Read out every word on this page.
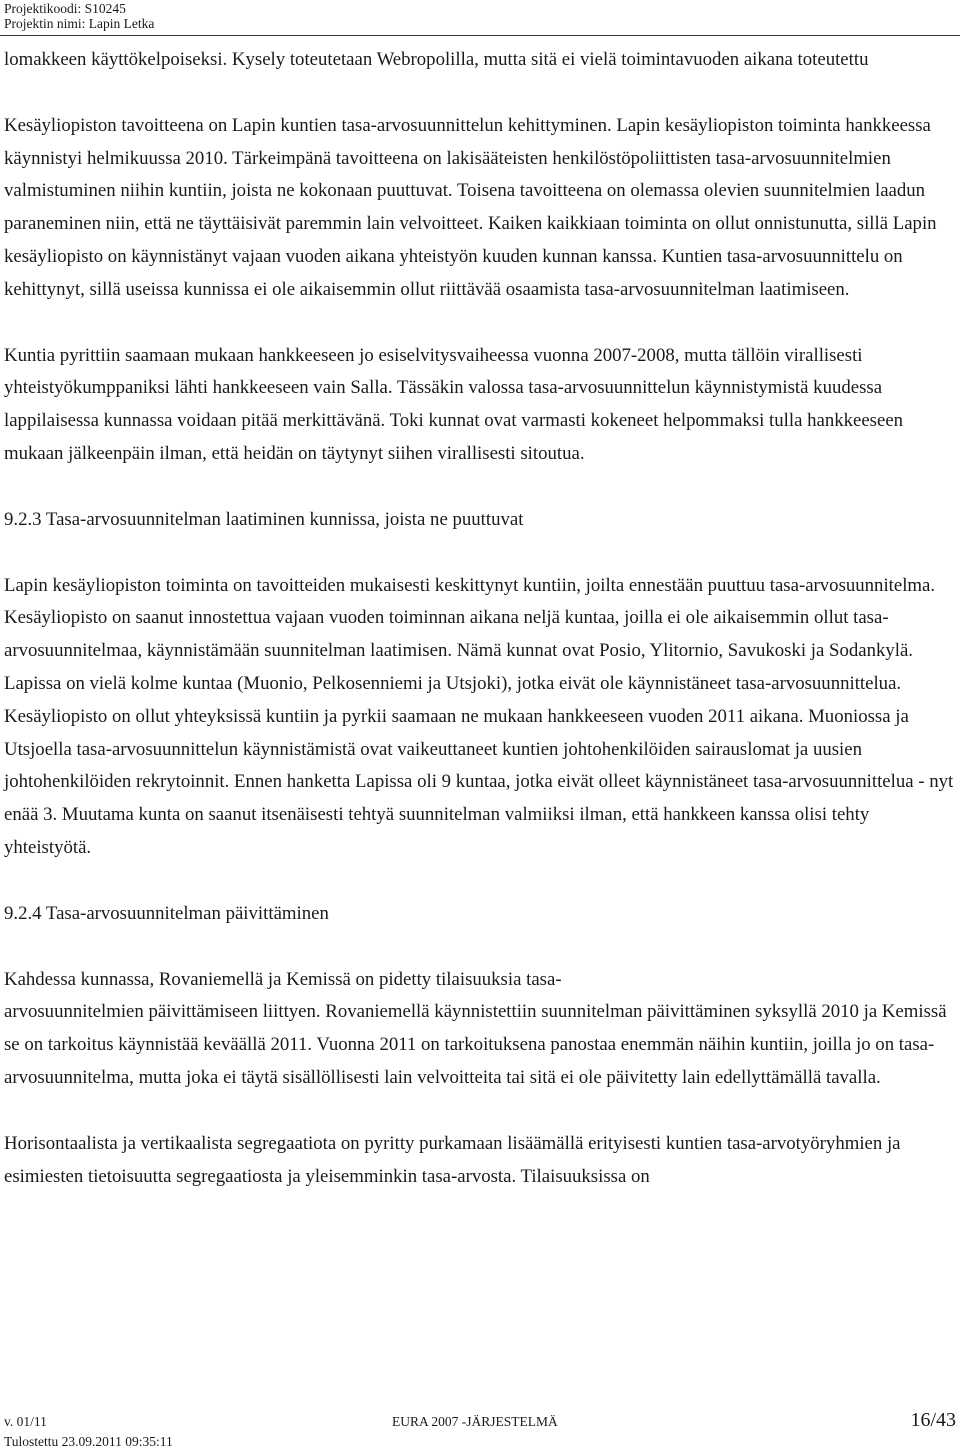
Projektikoodi: S10245
Projektin nimi: Lapin Letka

lomakkeen käyttökelpoiseksi. Kysely toteutetaan Webropolilla, mutta sitä ei vielä toimintavuoden aikana toteutettu

Kesäyliopiston tavoitteena on Lapin kuntien tasa-arvosuunnittelun kehittyminen. Lapin kesäyliopiston toiminta hankkeessa käynnistyi helmikuussa 2010. Tärkeimpänä tavoitteena on lakisääteisten henkilöstöpoliittisten tasa-arvosuunnitelmien valmistuminen niihin kuntiin, joista ne kokonaan puuttuvat. Toisena tavoitteena on olemassa olevien suunnitelmien laadun paraneminen niin, että ne täyttäisivät paremmin lain velvoitteet. Kaiken kaikkiaan toiminta on ollut onnistunutta, sillä Lapin kesäyliopisto on käynnistänyt vajaan vuoden aikana yhteistyön kuuden kunnan kanssa. Kuntien tasa-arvosuunnittelu on kehittynyt, sillä useissa kunnissa ei ole aikaisemmin ollut riittävää osaamista tasa-arvosuunnitelman laatimiseen.

Kuntia pyrittiin saamaan mukaan hankkeeseen jo esiselvitysvaiheessa vuonna 2007-2008, mutta tällöin virallisesti yhteistyökumppaniksi lähti hankkeeseen vain Salla. Tässäkin valossa tasa-arvosuunnittelun käynnistymistä kuudessa lappilaisessa kunnassa voidaan pitää merkittävänä. Toki kunnat ovat varmasti kokeneet helpommaksi tulla hankkeeseen mukaan jälkeenpäin ilman, että heidän on täytynyt siihen virallisesti sitoutua.

9.2.3 Tasa-arvosuunnitelman laatiminen kunnissa, joista ne puuttuvat

Lapin kesäyliopiston toiminta on tavoitteiden mukaisesti keskittynyt kuntiin, joilta ennestään puuttuu tasa-arvosuunnitelma. Kesäyliopisto on saanut innostettua vajaan vuoden toiminnan aikana neljä kuntaa, joilla ei ole aikaisemmin ollut tasa-arvosuunnitelmaa, käynnistämään suunnitelman laatimisen. Nämä kunnat ovat Posio, Ylitornio, Savukoski ja Sodankylä. Lapissa on vielä kolme kuntaa (Muonio, Pelkosenniemi ja Utsjoki), jotka eivät ole käynnistäneet tasa-arvosuunnittelua. Kesäyliopisto on ollut yhteyksissä kuntiin ja pyrkii saamaan ne mukaan hankkeeseen vuoden 2011 aikana. Muoniossa ja Utsjoella tasa-arvosuunnittelun käynnistämistä ovat vaikeuttaneet kuntien johtohenkilöiden sairauslomat ja uusien johtohenkilöiden rekrytoinnit. Ennen hanketta Lapissa oli 9 kuntaa, jotka eivät olleet käynnistäneet tasa-arvosuunnittelua - nyt enää 3. Muutama kunta on saanut itsenäisesti tehtyä suunnitelman valmiiksi ilman, että hankkeen kanssa olisi tehty yhteistyötä.

9.2.4 Tasa-arvosuunnitelman päivittäminen

Kahdessa kunnassa, Rovaniemellä ja Kemissä on pidetty tilaisuuksia tasa-
arvosuunnitelmien päivittämiseen liittyen. Rovaniemellä käynnistettiin suunnitelman päivittäminen syksyllä 2010 ja Kemissä se on tarkoitus käynnistää keväällä 2011. Vuonna 2011 on tarkoituksena panostaa enemmän näihin kuntiin, joilla jo on tasa-arvosuunnitelma, mutta joka ei täytä sisällöllisesti lain velvoitteita tai sitä ei ole päivitetty lain edellyttämällä tavalla.

Horisontaalista ja vertikaalista segregaatiota on pyritty purkamaan lisäämällä erityisesti kuntien tasa-arvotyöryhmien ja esimiesten tietoisuutta segregaatiosta ja yleisemminkin tasa-arvosta. Tilaisuuksissa on

v. 01/11
Tulostettu 23.09.2011 09:35:11
EURA 2007 -JÄRJESTELMÄ	16/43
